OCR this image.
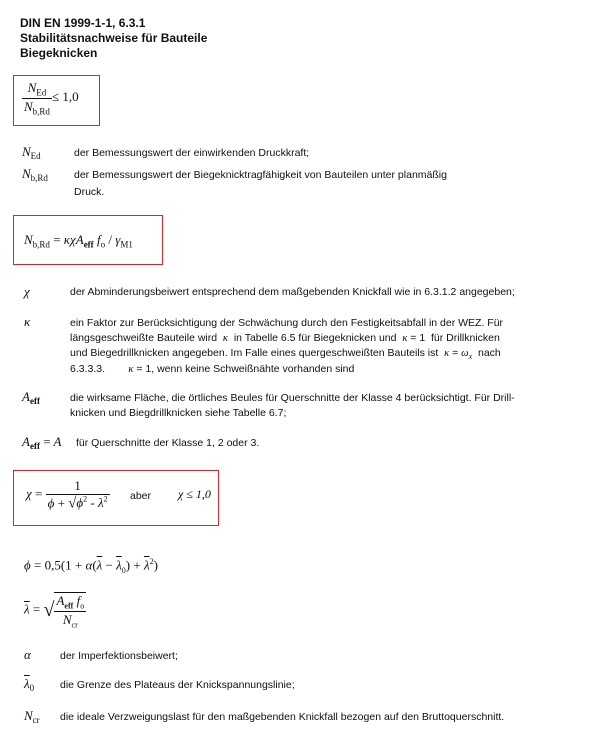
DIN EN 1999-1-1, 6.3.1
Stabilitätsnachweise für Bauteile
Biegeknicken
$\frac{N_{Ed}}{N_{b,Rd}} \le 1,0$
$N_{Ed}$	der Bemessungswert der einwirkenden Druckkraft;
$N_{b,Rd}$ der Bemessungswert der Biegeknicktragfähigkeit von Bauteilen unter planmäßig
Druck.
$N_{b,Rd} = \kappa\chi A_{eff}$ $f_o / \gamma_{M1}$
χ	der Abminderungsbeiwert entsprechend dem maßgebenden Knickfall wie in 6.3.1.2 angegeben;
κ	ein Faktor zur Berücksichtigung der Schwächung durch den Festigkeitsabfall in der WEZ. Für
längsgeschweißte Bauteile wird κ in Tabelle 6.5 für Biegeknicken und κ = 1  für Drillknicken
und Biegedrillknicken angegeben. Im Falle eines quergeschweißten Bauteils ist $\kappa = \omega_x$ nach
6.3.3.3. κ = 1, wenn keine Schweißnähte vorhanden sind
$A_{eff}$	die wirksame Fläche, die örtliches Beules für Querschnitte der Klasse 4 berücksichtigt. Für Drill-
knicken und Biegdrillknicken siehe Tabelle 6.7;
$A_{eff} = A$ für Querschnitte der Klasse 1, 2 oder 3.
$\chi = \frac{1}{\phi + √\phi^2 - \overline{\lambda}^2}$ aber χ ≤ 1,0
$\phi = 0,5(1 + \alpha(\overline{\lambda} - \overline{\lambda}_0) + \overline{\lambda}^2)$
$\overline{\lambda}$ = √ $\frac{A_{eff} f_o}{N_{cr}}$
α	der Imperfektionsbeiwert;
$\overline{\lambda}_0$ die Grenze des Plateaus der Knickspannungslinie;
$N_{cr}$ die ideale Verzweigungslast für den maßgebenden Knickfall bezogen auf den Bruttoquerschnitt.
